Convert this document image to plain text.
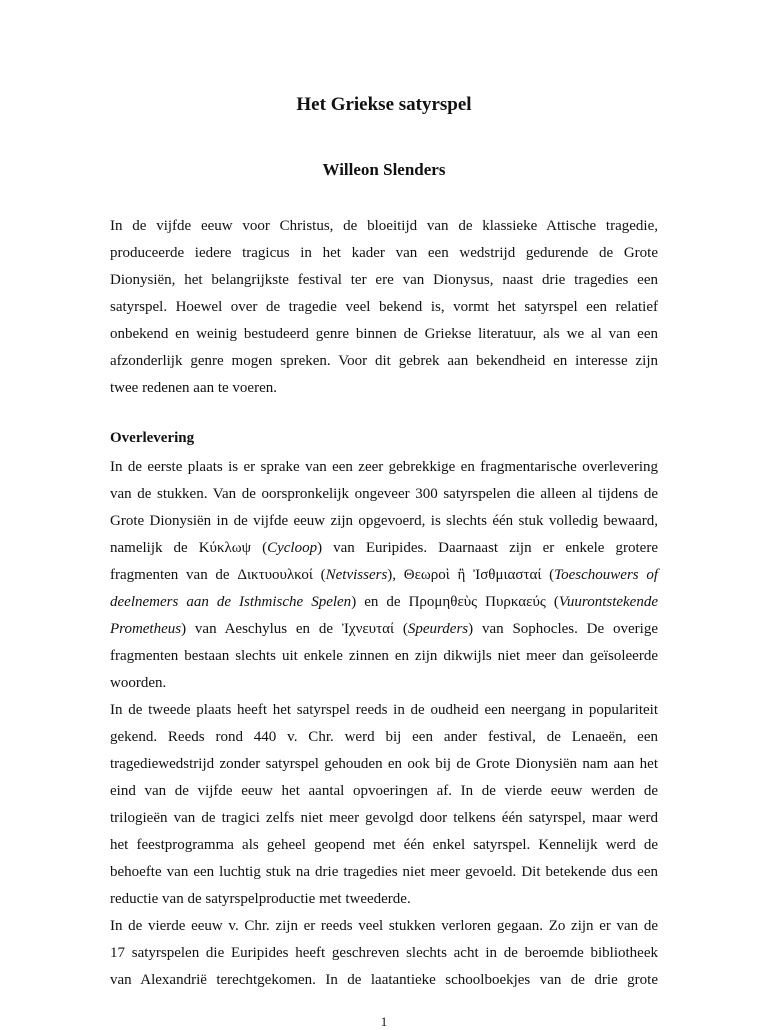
Het Griekse satyrspel
Willeon Slenders
In de vijfde eeuw voor Christus, de bloeitijd van de klassieke Attische tragedie,
produceerde iedere tragicus in het kader van een wedstrijd gedurende de Grote
Dionysiën, het belangrijkste festival ter ere van Dionysus, naast drie tragedies een
satyrspel. Hoewel over de tragedie veel bekend is, vormt het satyrspel een relatief
onbekend en weinig bestudeerd genre binnen de Griekse literatuur, als we al van een
afzonderlijk genre mogen spreken. Voor dit gebrek aan bekendheid en interesse zijn
twee redenen aan te voeren.
Overlevering
In de eerste plaats is er sprake van een zeer gebrekkige en fragmentarische overlevering
van de stukken. Van de oorspronkelijk ongeveer 300 satyrspelen die alleen al tijdens de
Grote Dionysiën in de vijfde eeuw zijn opgevoerd, is slechts één stuk volledig bewaard,
namelijk de Κύκλωψ (Cycloop) van Euripides. Daarnaast zijn er enkele grotere
fragmenten van de Δικτυουλκοί (Netvissers), Θεωροὶ ἢ Ἰσθμιασταί (Toeschouwers of
deelnemers aan de Isthmische Spelen) en de Προμηθεὺς Πυρκαεύς (Vuurontstekende
Prometheus) van Aeschylus en de Ἰχνευταί (Speurders) van Sophocles. De overige
fragmenten bestaan slechts uit enkele zinnen en zijn dikwijls niet meer dan geïsoleerde
woorden.
In de tweede plaats heeft het satyrspel reeds in de oudheid een neergang in populariteit
gekend. Reeds rond 440 v. Chr. werd bij een ander festival, de Lenaeën, een
tragediewedstrijd zonder satyrspel gehouden en ook bij de Grote Dionysiën nam aan het
eind van de vijfde eeuw het aantal opvoeringen af. In de vierde eeuw werden de
trilogieën van de tragici zelfs niet meer gevolgd door telkens één satyrspel, maar werd
het feestprogramma als geheel geopend met één enkel satyrspel. Kennelijk werd de
behoefte van een luchtig stuk na drie tragedies niet meer gevoeld. Dit betekende dus een
reductie van de satyrspelproductie met tweederde.
In de vierde eeuw v. Chr. zijn er reeds veel stukken verloren gegaan. Zo zijn er van de
17 satyrspelen die Euripides heeft geschreven slechts acht in de beroemde bibliotheek
van Alexandrië terechtgekomen. In de laatantieke schoolboekjes van de drie grote
1
